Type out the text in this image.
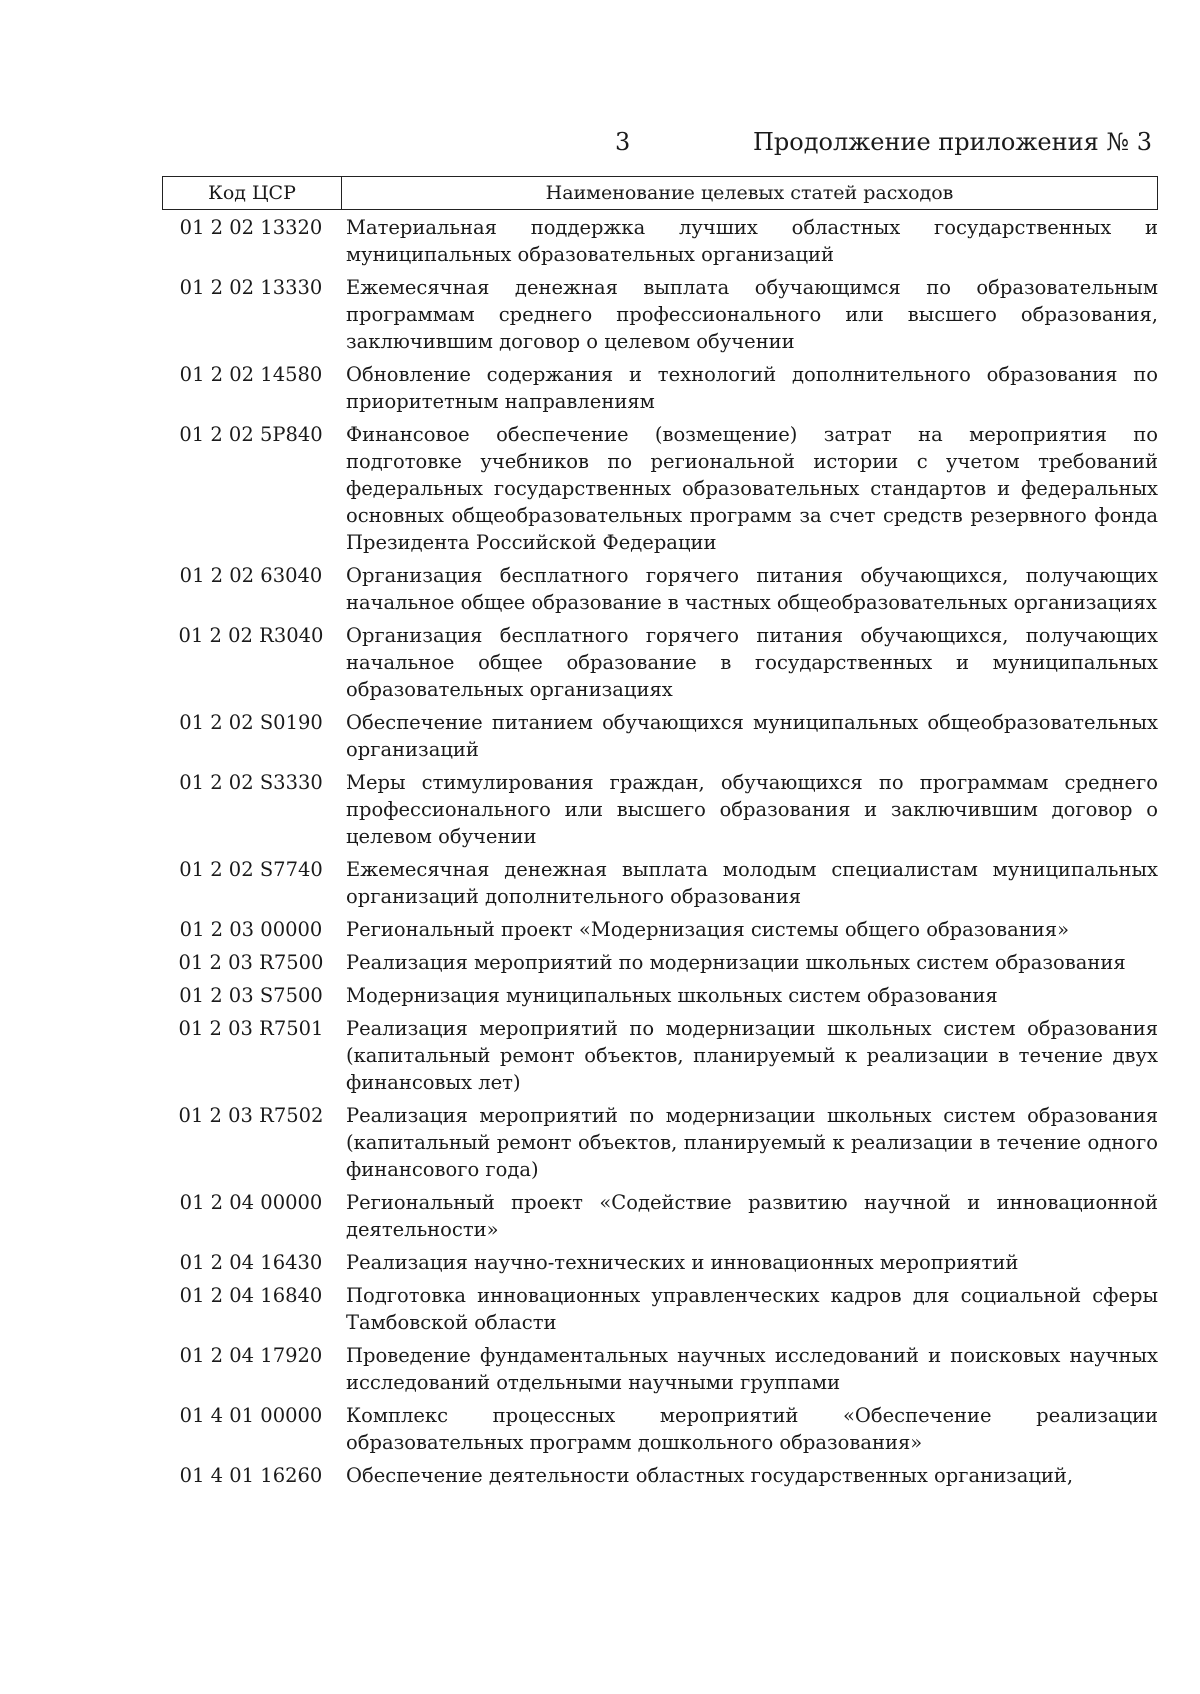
3	Продолжение приложения № 3
Код ЦСР	Наименование целевых статей расходов
01 2 02 13320	Материальная поддержка лучших областных государственных и муниципальных образовательных организаций
01 2 02 13330	Ежемесячная денежная выплата обучающимся по образовательным программам среднего профессионального или высшего образования, заключившим договор о целевом обучении
01 2 02 14580	Обновление содержания и технологий дополнительного образования по приоритетным направлениям
01 2 02 5P840	Финансовое обеспечение (возмещение) затрат на мероприятия по подготовке учебников по региональной истории с учетом требований федеральных государственных образовательных стандартов и федеральных основных общеобразовательных программ за счет средств резервного фонда Президента Российской Федерации
01 2 02 63040	Организация бесплатного горячего питания обучающихся, получающих начальное общее образование в частных общеобразовательных организациях
01 2 02 R3040	Организация бесплатного горячего питания обучающихся, получающих начальное общее образование в государственных и муниципальных образовательных организациях
01 2 02 S0190	Обеспечение питанием обучающихся муниципальных общеобразовательных организаций
01 2 02 S3330	Меры стимулирования граждан, обучающихся по программам среднего профессионального или высшего образования и заключившим договор о целевом обучении
01 2 02 S7740	Ежемесячная денежная выплата молодым специалистам муниципальных организаций дополнительного образования
01 2 03 00000	Региональный проект «Модернизация системы общего образования»
01 2 03 R7500	Реализация мероприятий по модернизации школьных систем образования
01 2 03 S7500	Модернизация муниципальных школьных систем образования
01 2 03 R7501	Реализация мероприятий по модернизации школьных систем образования (капитальный ремонт объектов, планируемый к реализации в течение двух финансовых лет)
01 2 03 R7502	Реализация мероприятий по модернизации школьных систем образования (капитальный ремонт объектов, планируемый к реализации в течение одного финансового года)
01 2 04 00000	Региональный проект «Содействие развитию научной и инновационной деятельности»
01 2 04 16430	Реализация научно-технических и инновационных мероприятий
01 2 04 16840	Подготовка инновационных управленческих кадров для социальной сферы Тамбовской области
01 2 04 17920	Проведение фундаментальных научных исследований и поисковых научных исследований отдельными научными группами
01 4 01 00000	Комплекс процессных мероприятий «Обеспечение реализации образовательных программ дошкольного образования»
01 4 01 16260	Обеспечение деятельности областных государственных организаций,
